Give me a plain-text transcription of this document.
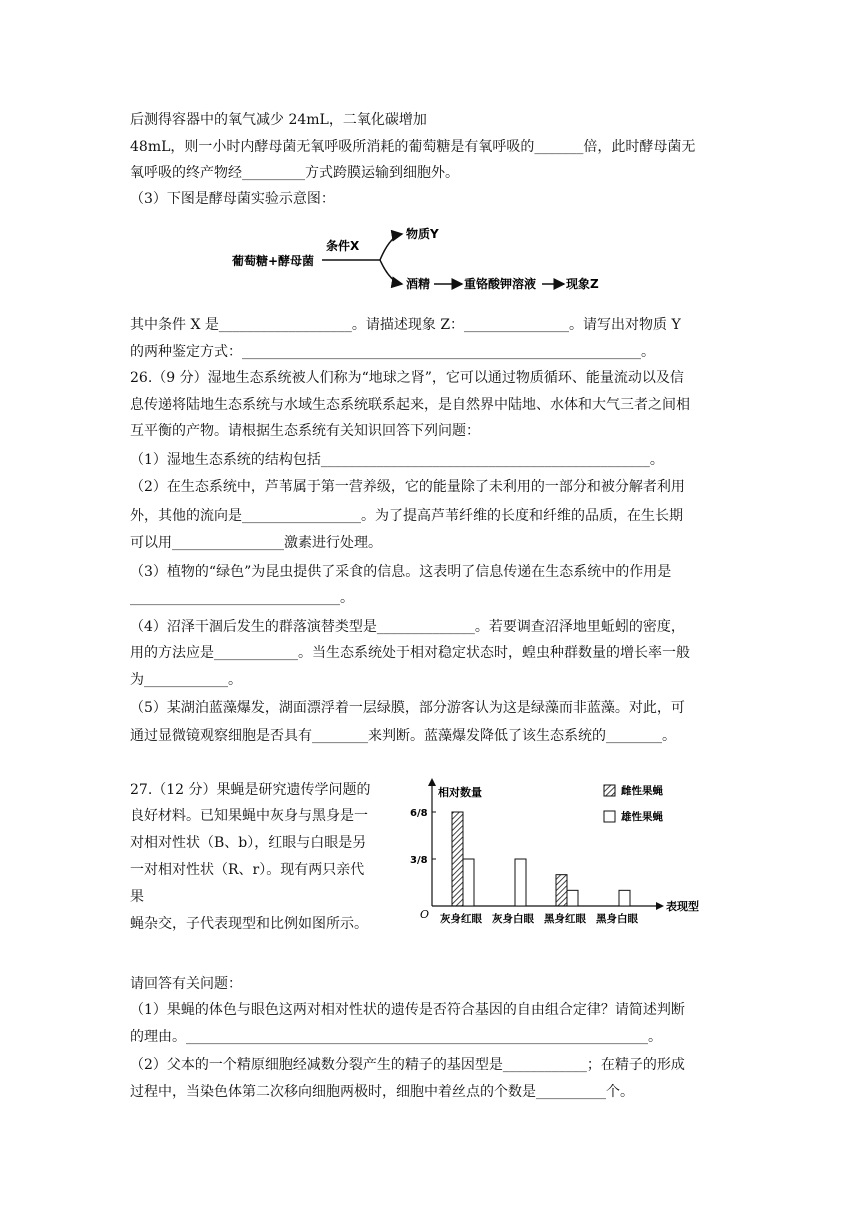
后测得容器中的氧气减少 24mL，二氧化碳增加
48mL，则一小时内酵母菌无氧呼吸所消耗的葡萄糖是有氧呼吸的_______倍，此时酵母菌无
氧呼吸的终产物经_________方式跨膜运输到细胞外。
（3）下图是酵母菌实验示意图：
葡萄糖+酵母菌
条件X
物质Y
酒精	重铬酸钾溶液 现象Z
其中条件 X 是___________________。请描述现象 Z：_______________。请写出对物质 Y
的两种鉴定方式：_________________________________________________________。
26.（9 分）湿地生态系统被人们称为“地球之肾”，它可以通过物质循环、能量流动以及信
息传递将陆地生态系统与水域生态系统联系起来，是自然界中陆地、水体和大气三者之间相
互平衡的产物。请根据生态系统有关知识回答下列问题：
（1）湿地生态系统的结构包括_______________________________________________。
（2）在生态系统中，芦苇属于第一营养级，它的能量除了未利用的一部分和被分解者利用
外，其他的流向是_________________。为了提高芦苇纤维的长度和纤维的品质，在生长期
可以用________________激素进行处理。
（3）植物的“绿色”为昆虫提供了采食的信息。这表明了信息传递在生态系统中的作用是
______________________________。
（4）沼泽干涸后发生的群落演替类型是______________。若要调查沼泽地里蚯蚓的密度，
用的方法应是____________。当生态系统处于相对稳定状态时，蝗虫种群数量的增长率一般
为____________。
（5）某湖泊蓝藻爆发，湖面漂浮着一层绿膜，部分游客认为这是绿藻而非蓝藻。对此，可
通过显微镜观察细胞是否具有________来判断。蓝藻爆发降低了该生态系统的________。
27.（12 分）果蝇是研究遗传学问题的
良好材料。已知果蝇中灰身与黑身是一
对相对性状（B、b），红眼与白眼是另
一对相对性状（R、r）。现有两只亲代
果
蝇杂交，子代表现型和比例如图所示。
相对数量
表现型
O
3/8
6/8
灰身红眼 灰身白眼 黑身红眼 黑身白眼
雌性果蝇
雄性果蝇
请回答有关问题：
（1）果蝇的体色与眼色这两对相对性状的遗传是否符合基因的自由组合定律？请简述判断
的理由。__________________________________________________________________。
（2）父本的一个精原细胞经减数分裂产生的精子的基因型是____________；在精子的形成
过程中，当染色体第二次移向细胞两极时，细胞中着丝点的个数是__________个。
